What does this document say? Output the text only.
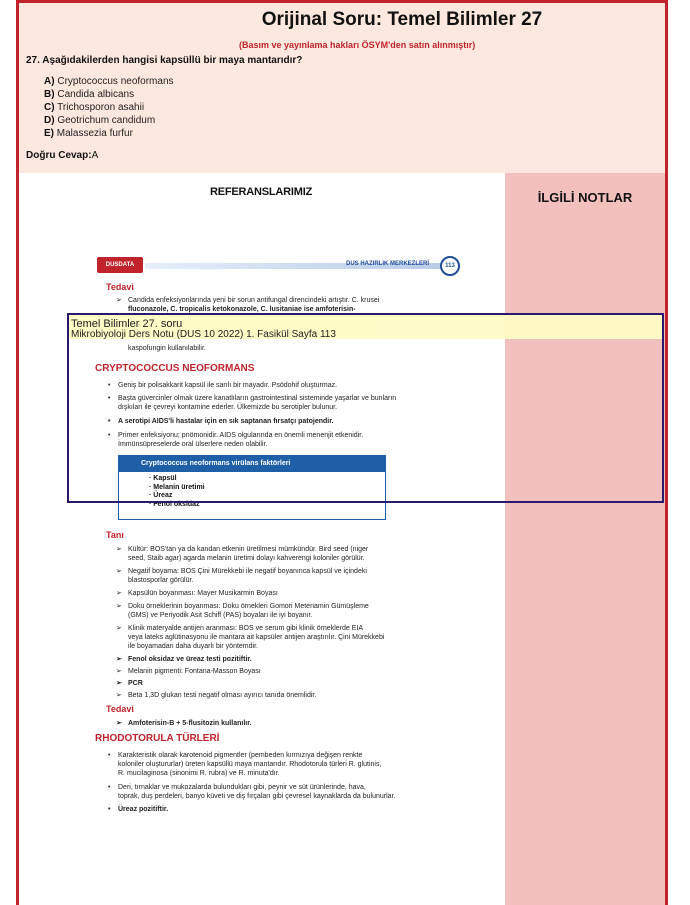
Orijinal Soru: Temel Bilimler 27
(Basım ve yayınlama hakları ÖSYM'den satın alınmıştır)
27. Aşağıdakilerden hangisi kapsüllü bir maya mantarıdır?
A) Cryptococcus neoformans
B) Candida albicans
C) Trichosporon asahii
D) Geotrichum candidum
E) Malassezia furfur
Doğru Cevap:A
İLGİLİ NOTLAR
REFERANSLARIMIZ
DUSDATA	DUS HAZIRLIK MERKEZLERİ	113
Tedavi
➢ Candida enfeksiyonlarında yeni bir sorun antifungal direncindeki artıştır. C. krusei
fluconazole, C. tropicalis ketokonazole, C. lusitaniae ise amfoterisin-
kaspofungin kullanılabilir.
CRYPTOCOCCUS NEOFORMANS
• Geniş bir polisakkarit kapsül ile sarılı bir mayadır. Psödohif oluşturmaz.
• Başta güvercinler olmak üzere kanatlıların gastrointestinal sisteminde yaşarlar ve bunların
dışkıları ile çevreyi kontamine ederler. Ülkemizde bu serotipler bulunur.
• A serotipi AIDS'li hastalar için en sık saptanan fırsatçı patojendir.
• Primer enfeksiyonu; pnömonidir. AIDS olgularında en önemli menenjit etkenidir.
İmmünsüpreselerde oral ülserlere neden olabilir.
Cryptococcus neoformans virülans faktörleri
· Kapsül
· Melanin üretimi
· Üreaz
· Fenol oksidaz
Tanı
➢ Kültür: BOS'tan ya da kandan etkenin üretilmesi mümkündür. Bird seed (niger
seed, Staib agar) agarda melanin üretimi dolayı kahverengi koloniler görülür.
➢ Negatif boyama: BOS Çini Mürekkebi ile negatif boyanınca kapsül ve içindeki
blastosporlar görülür.
➢ Kapsülün boyanması: Mayer Musikarmin Boyası
➢ Doku örneklerinin boyanması: Doku örnekleri Gomori Metenamin Gümüşleme
(GMS) ve Periyodik Asit Schiff (PAS) boyaları ile iyi boyanır.
➢ Klinik materyalde antijen aranması: BOS ve serum gibi klinik örneklerde EIA
veya lateks aglütinasyonu ile mantara ait kapsüler antijen araştırılır. Çini Mürekkebi
ile boyamadan daha duyarlı bir yöntemdir.
➢ Fenol oksidaz ve üreaz testi pozitiftir.
➢ Melanin pigmenti: Fontana-Masson Boyası
➢ PCR
➢ Beta 1,3D glukan testi negatif olması ayırıcı tanıda önemlidir.
Tedavi
➢ Amfoterisin-B + 5-flusitozin kullanılır.
RHODOTORULA TÜRLERİ
• Karakteristik olarak karotenoid pigmentler (pembeden kırmızıya değişen renkte
koloniler oluştururlar) üreten kapsüllü maya mantarıdır. Rhodotorula türleri R. glutinis,
R. mucilaginosa (sinonimi R. rubra) ve R. minuta'dır.
• Deri, tırnaklar ve mukozalarda bulundukları gibi, peynir ve süt ürünlerinde, hava,
toprak, duş perdeleri, banyo küveti ve diş fırçaları gibi çevresel kaynaklarda da bulunurlar.
• Üreaz pozitiftir.
Temel Bilimler 27. soru
Mikrobiyoloji Ders Notu (DUS 10 2022) 1. Fasikül Sayfa 113
